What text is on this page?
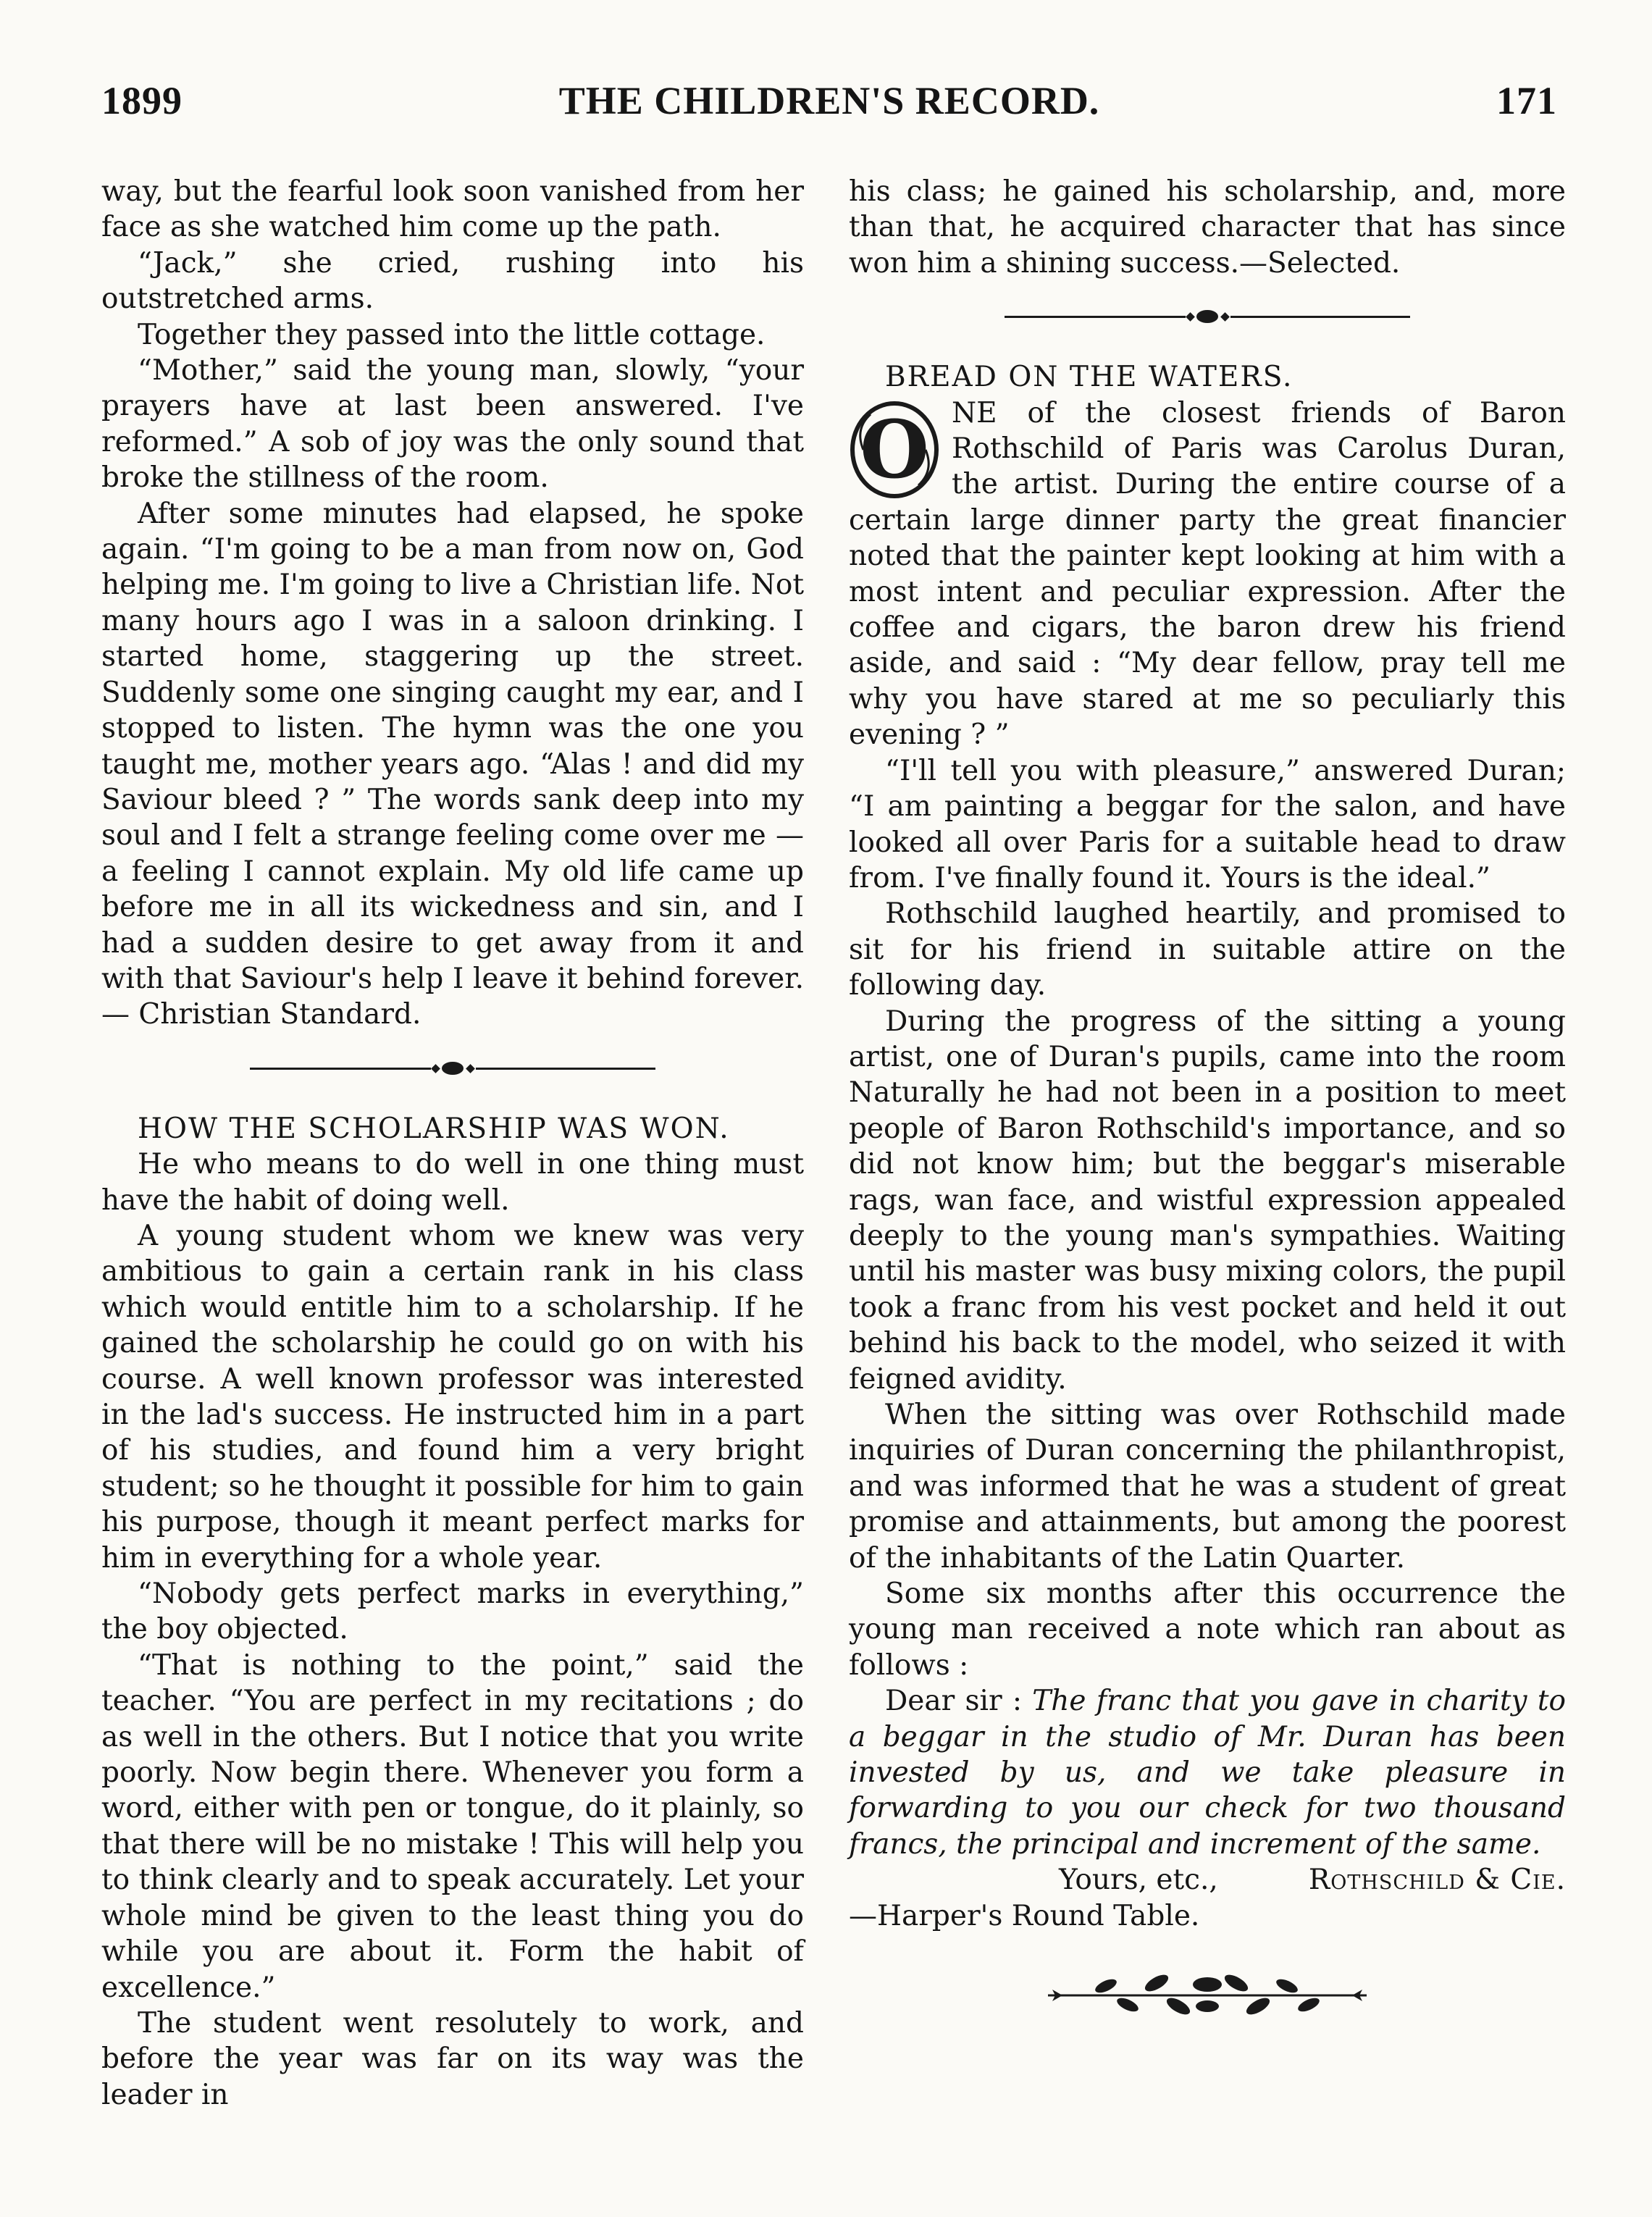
1899	THE CHILDREN'S RECORD.	171

way, but the fearful look soon vanished from her face as she watched him come up the path.

“Jack,” she cried, rushing into his outstretched arms.

Together they passed into the little cottage.

“Mother,” said the young man, slowly, “your prayers have at last been answered. I've reformed.” A sob of joy was the only sound that broke the stillness of the room.

After some minutes had elapsed, he spoke again. “I'm going to be a man from now on, God helping me. I'm going to live a Christian life. Not many hours ago I was in a saloon drinking. I started home, staggering up the street. Suddenly some one singing caught my ear, and I stopped to listen. The hymn was the one you taught me, mother years ago. “Alas ! and did my Saviour bleed ? ” The words sank deep into my soul and I felt a strange feeling come over me —a feeling I cannot explain. My old life came up before me in all its wickedness and sin, and I had a sudden desire to get away from it and with that Saviour's help I leave it behind forever.— Christian Standard.

HOW THE SCHOLARSHIP WAS WON.

He who means to do well in one thing must have the habit of doing well.

A young student whom we knew was very ambitious to gain a certain rank in his class which would entitle him to a scholarship. If he gained the scholarship he could go on with his course. A well known professor was interested in the lad's success. He instructed him in a part of his studies, and found him a very bright student; so he thought it possible for him to gain his purpose, though it meant perfect marks for him in everything for a whole year.

“Nobody gets perfect marks in everything,” the boy objected.

“That is nothing to the point,” said the teacher. “You are perfect in my recitations ; do as well in the others. But I notice that you write poorly. Now begin there. Whenever you form a word, either with pen or tongue, do it plainly, so that there will be no mistake ! This will help you to think clearly and to speak accurately. Let your whole mind be given to the least thing you do while you are about it. Form the habit of excellence.”

The student went resolutely to work, and before the year was far on its way was the leader in

his class; he gained his scholarship, and, more than that, he acquired character that has since won him a shining success.—Selected.

BREAD ON THE WATERS.

O NE of the closest friends of Baron Rothschild of Paris was Carolus Duran, the artist. During the entire course of a certain large dinner party the great financier noted that the painter kept looking at him with a most intent and peculiar expression. After the coffee and cigars, the baron drew his friend aside, and said : “My dear fellow, pray tell me why you have stared at me so peculiarly this evening ? ”

“I'll tell you with pleasure,” answered Duran; “I am painting a beggar for the salon, and have looked all over Paris for a suitable head to draw from. I've finally found it. Yours is the ideal.”

Rothschild laughed heartily, and promised to sit for his friend in suitable attire on the following day.

During the progress of the sitting a young artist, one of Duran's pupils, came into the room Naturally he had not been in a position to meet people of Baron Rothschild's importance, and so did not know him; but the beggar's miserable rags, wan face, and wistful expression appealed deeply to the young man's sympathies. Waiting until his master was busy mixing colors, the pupil took a franc from his vest pocket and held it out behind his back to the model, who seized it with feigned avidity.

When the sitting was over Rothschild made inquiries of Duran concerning the philanthropist, and was informed that he was a student of great promise and attainments, but among the poorest of the inhabitants of the Latin Quarter.

Some six months after this occurrence the young man received a note which ran about as follows :

Dear sir : The franc that you gave in charity to a beggar in the studio of Mr. Duran has been invested by us, and we take pleasure in forwarding to you our check for two thousand francs, the principal and increment of the same.

Yours, etc.,	Rothschild & Cie.

—Harper's Round Table.
